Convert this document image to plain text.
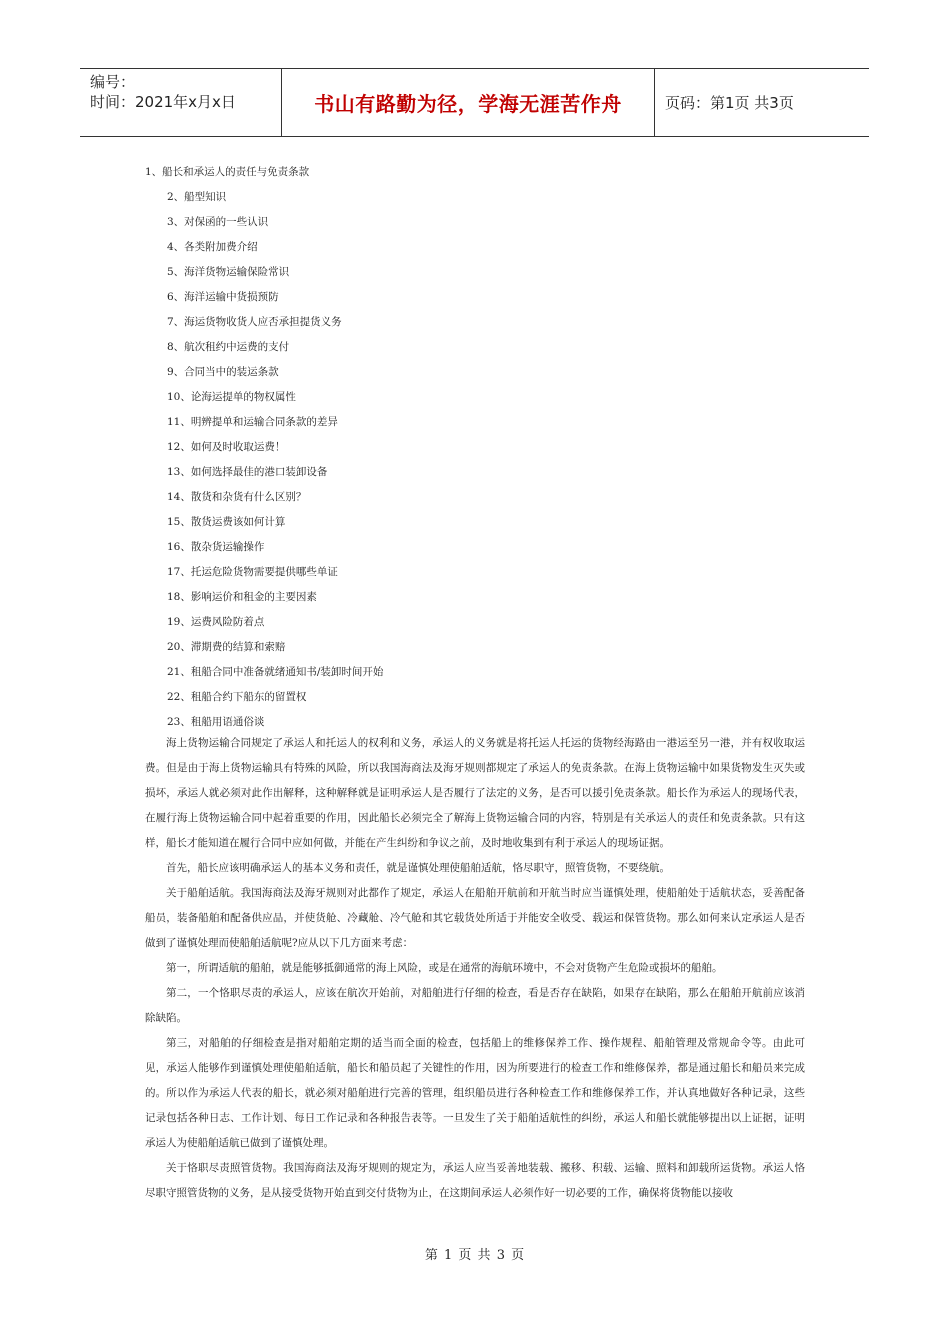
编号：
时间：2021年x月x日	书山有路勤为径，学海无涯苦作舟	页码：第1页 共3页
1、船长和承运人的责任与免责条款
2、船型知识
3、对保函的一些认识
4、各类附加费介绍
5、海洋货物运输保险常识
6、海洋运输中货损预防
7、海运货物收货人应否承担提货义务
8、航次租约中运费的支付
9、合同当中的装运条款
10、论海运提单的物权属性
11、明辨提单和运输合同条款的差异
12、如何及时收取运费！
13、如何选择最佳的港口装卸设备
14、散货和杂货有什么区别？
15、散货运费该如何计算
16、散杂货运输操作
17、托运危险货物需要提供哪些单证
18、影响运价和租金的主要因素
19、运费风险防着点
20、滞期费的结算和索赔
21、租船合同中准备就绪通知书/装卸时间开始
22、租船合约下船东的留置权
23、租船用语通俗谈

海上货物运输合同规定了承运人和托运人的权利和义务，承运人的义务就是将托运人托运的货物经海路由一港运至另一港，并有权收取运费。但是由于海上货物运输具有特殊的风险，所以我国海商法及海牙规则都规定了承运人的免责条款。在海上货物运输中如果货物发生灭失或损坏，承运人就必须对此作出解释，这种解释就是证明承运人是否履行了法定的义务，是否可以援引免责条款。船长作为承运人的现场代表，在履行海上货物运输合同中起着重要的作用，因此船长必须完全了解海上货物运输合同的内容，特别是有关承运人的责任和免责条款。只有这样，船长才能知道在履行合同中应如何做，并能在产生纠纷和争议之前，及时地收集到有利于承运人的现场证据。

首先，船长应该明确承运人的基本义务和责任，就是谨慎处理使船舶适航，恪尽职守，照管货物，不要绕航。

关于船舶适航。我国海商法及海牙规则对此都作了规定，承运人在船舶开航前和开航当时应当谨慎处理，使船舶处于适航状态，妥善配备船员，装备船舶和配备供应品，并使货舱、冷藏舱、冷气舱和其它载货处所适于并能安全收受、载运和保管货物。那么如何来认定承运人是否做到了谨慎处理而使船舶适航呢?应从以下几方面来考虑：

第一，所谓适航的船舶，就是能够抵御通常的海上风险，或是在通常的海航环境中，不会对货物产生危险或损坏的船舶。

第二，一个恪职尽责的承运人，应该在航次开始前，对船舶进行仔细的检查，看是否存在缺陷，如果存在缺陷，那么在船舶开航前应该消除缺陷。

第三，对船舶的仔细检查是指对船舶定期的适当而全面的检查，包括船上的维修保养工作、操作规程、船舶管理及常规命令等。由此可见，承运人能够作到谨慎处理使船舶适航，船长和船员起了关键性的作用，因为所要进行的检查工作和维修保养，都是通过船长和船员来完成的。所以作为承运人代表的船长，就必须对船舶进行完善的管理，组织船员进行各种检查工作和维修保养工作，并认真地做好各种记录，这些记录包括各种日志、工作计划、每日工作记录和各种报告表等。一旦发生了关于船舶适航性的纠纷，承运人和船长就能够提出以上证据，证明承运人为使船舶适航已做到了谨慎处理。

关于恪职尽责照管货物。我国海商法及海牙规则的规定为，承运人应当妥善地装载、搬移、积载、运输、照料和卸载所运货物。承运人恪尽职守照管货物的义务，是从接受货物开始直到交付货物为止，在这期间承运人必须作好一切必要的工作，确保将货物能以接收

第 1 页 共 3 页
